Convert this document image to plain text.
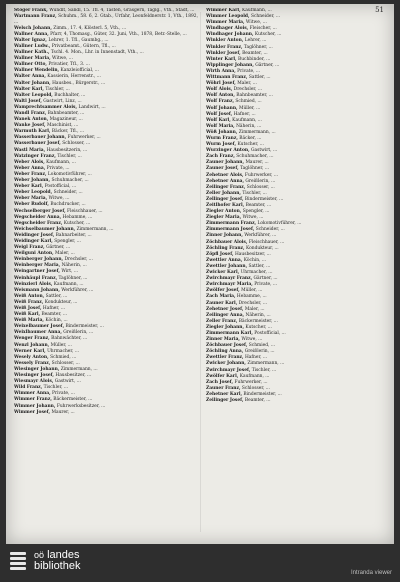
51

Stöger Frank, Wundlt, Sandl, 15. Tfl. 4, Tasten, Grasgern, Taglg., Vth., Stadt, ...

Wartmann Franz, Schuhm., 58. 6, 2. Gtab., Urfahr, Leonfeldnerstr. 1, Vth., 1892, ...

Welsch Johann, Zimm., 17. 4, Klösterl. 5, Vth., ...

Wallner Anna, Pfarr, 4, Thomasg., Güter, 32. Juni, Vth., 1878, Betr.-Stelle, ...

Walter Ignaz, Lehrer, 1. Tfl., Gaumbg., ...

Wallner Ludw., Privatbeamt., Gütern, Tfl., ...

Wallner Kath., Tschl. 4. Mon., Lhr. in Innenstadt, Vth., ...

Wallner Maria, Witwe, ...

Wallner Otto, Privatier, Tfl., 3. ...

Wallner Wendelin, Kanzleiofficial, ...

Walter Anna, Kassierin, Herrenstr., ...

Walter Johann, Hausbes., Bürgerstr., ...

Walter Karl, Tischler, ...

Walter Leopold, Buchhalter, ...

Waltl Josef, Gastwirt, Linz, ...

Wamprechtsammer Alois, Landwirt, ...

Wandl Franz, Bahnbeamter, ...

Wanek Anton, Magazineur, ...

Wanke Josef, Maschinist, ...

Warmuth Karl, Bäcker, Tfl., ...

Wasserbauer Johann, Fuhrwerker, ...

Wasserbauer Josef, Schlosser, ...

Wastl Maria, Hausbesitzerin, ...

Watzinger Franz, Tischler, ...

Weber Alois, Kaufmann, ...

Weber Anna, Private, ...

Weber Franz, Lokomotivführer, ...

Weber Johann, Schuhmacher, ...

Weber Karl, Postofficial, ...

Weber Leopold, Schneider, ...

Weber Maria, Witwe, ...

Weber Rudolf, Buchdrucker, ...

Wechselberger Josef, Fleischhauer, ...

Wegscheider Anna, Hebamme, ...

Wegscheider Franz, Kutscher, ...

Weichselbaumer Johann, Zimmermann, ...

Weidinger Josef, Bahnarbeiter, ...

Weidinger Karl, Spengler, ...

Weigl Franz, Gärtner, ...

Weilguni Anton, Maler, ...

Weinberger Johann, Drechsler, ...

Weinberger Maria, Näherin, ...

Weingartner Josef, Wirt, ...

Weinhäupl Franz, Taglöhner, ...

Weinzierl Alois, Kaufmann, ...

Weismann Johann, Werkführer, ...

Weiß Anton, Sattler, ...

Weiß Franz, Kondukteur, ...

Weiß Josef, Hafner, ...

Weiß Karl, Beamter, ...

Weiß Maria, Köchin, ...

Weixelbaumer Josef, Bindermeister, ...

Weixlbaumer Anna, Greißlerin, ...

Wenger Franz, Bahnwächter, ...

Wenzl Johann, Müller, ...

Werner Karl, Uhrmacher, ...

Wesely Anton, Schmied, ...

Wessely Franz, Schlosser, ...

Wiesinger Johann, Zimmermann, ...

Wiesinger Josef, Hausbesitzer, ...

Wiesmayr Alois, Gastwirt, ...

Wild Franz, Tischler, ...

Wimmer Anna, Private, ...

Wimmer Franz, Bäckermeister, ...

Wimmer Johann, Fuhrwerksbesitzer, ...

Wimmer Josef, Maurer, ...

Wimmer Karl, Kaufmann, ...

Wimmer Leopold, Schneider, ...

Wimmer Maria, Witwe, ...

Windhager Alois, Fleischer, ...

Windhager Johann, Kutscher, ...

Winkler Anton, Lehrer, ...

Winkler Franz, Taglöhner, ...

Winkler Josef, Beamter, ...

Winter Karl, Buchbinder, ...

Wipplinger Johann, Gärtner, ...

Wirth Anna, Private, ...

Wittmann Franz, Sattler, ...

Wöhrl Josef, Maler, ...

Wolf Alois, Drechsler, ...

Wolf Anton, Bahnbeamter, ...

Wolf Franz, Schmied, ...

Wolf Johann, Müller, ...

Wolf Josef, Hafner, ...

Wolf Karl, Kaufmann, ...

Wolf Maria, Näherin, ...

Wöß Johann, Zimmermann, ...

Wurm Franz, Bäcker, ...

Wurm Josef, Kutscher, ...

Wurzinger Anton, Gastwirt, ...

Zach Franz, Schuhmacher, ...

Zauner Johann, Maurer, ...

Zauner Josef, Taglöhner, ...

Zehetner Alois, Fuhrwerker, ...

Zehetner Anna, Greißlerin, ...

Zeilinger Franz, Schlosser, ...

Zeller Johann, Tischler, ...

Zellinger Josef, Bindermeister, ...

Zeitlhofer Karl, Beamter, ...

Ziegler Anton, Spengler, ...

Ziegler Maria, Witwe, ...

Zimmermann Franz, Lokomotivführer, ...

Zimmermann Josef, Schneider, ...

Zinner Johann, Werkführer, ...

Zöchbauer Alois, Fleischhauer, ...

Zöchling Franz, Kondukteur, ...

Zöpfl Josef, Hausbesitzer, ...

Zwettler Anna, Köchin, ...

Zwettler Johann, Sattler, ...

Zwicker Karl, Uhrmacher, ...

Zwirchmayr Franz, Gärtner, ...

Zwirchmayr Maria, Private, ...

Zwölfer Josef, Müller, ...

Zach Maria, Hebamme, ...

Zauner Karl, Drechsler, ...

Zehetner Josef, Maler, ...

Zeilinger Anna, Näherin, ...

Zeller Franz, Bäckermeister, ...

Ziegler Johann, Kutscher, ...

Zimmermann Karl, Postofficial, ...

Zinner Maria, Witwe, ...

Zöchbauer Josef, Schmied, ...

Zöchling Anna, Greißlerin, ...

Zwettler Franz, Hafner, ...

Zwicker Johann, Zimmermann, ...

Zwirchmayr Josef, Tischler, ...

Zwölfer Karl, Kaufmann, ...

Zach Josef, Fuhrwerker, ...

Zauner Franz, Schlosser, ...

Zehetner Karl, Bindermeister, ...

Zeilinger Josef, Beamter, ...

oö landes
bibliothek
Intranda viewer
